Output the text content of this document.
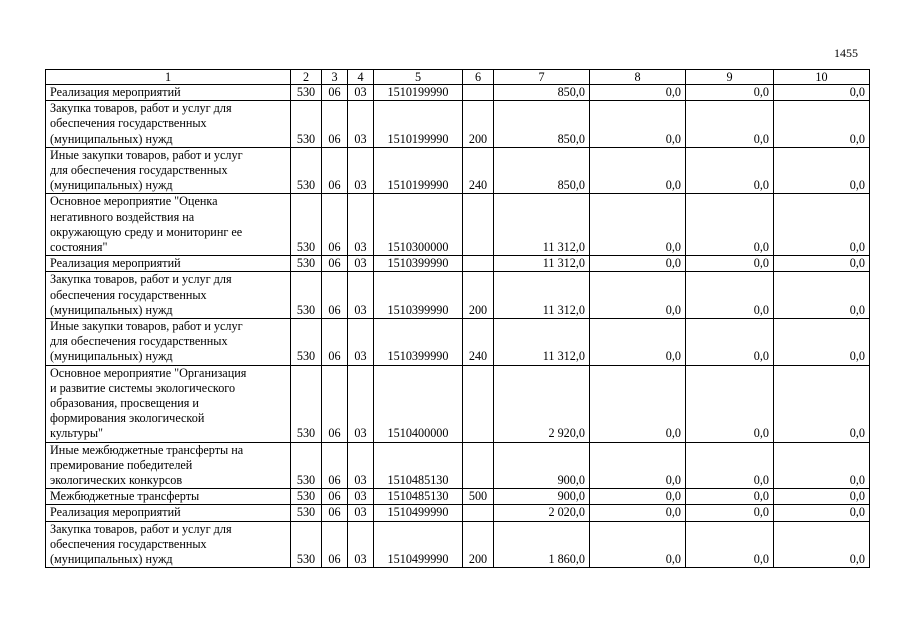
1455
1	2	3	4	5	6	7	8	9	10

Реализация мероприятий	530	06	03	1510199990		850,0	0,0	0,0	0,0

Закупка товаров, работ и услуг для
обеспечения государственных
(муниципальных) нужд	530	06	03	1510199990	200	850,0	0,0	0,0	0,0

Иные закупки товаров, работ и услуг
для обеспечения государственных
(муниципальных) нужд	530	06	03	1510199990	240	850,0	0,0	0,0	0,0

Основное мероприятие "Оценка
негативного воздействия на
окружающую среду и мониторинг ее
состояния"	530	06	03	1510300000		11 312,0	0,0	0,0	0,0

Реализация мероприятий	530	06	03	1510399990		11 312,0	0,0	0,0	0,0

Закупка товаров, работ и услуг для
обеспечения государственных
(муниципальных) нужд	530	06	03	1510399990	200	11 312,0	0,0	0,0	0,0

Иные закупки товаров, работ и услуг
для обеспечения государственных
(муниципальных) нужд	530	06	03	1510399990	240	11 312,0	0,0	0,0	0,0

Основное мероприятие "Организация
и развитие системы экологического
образования, просвещения и
формирования экологической
культуры"	530	06	03	1510400000		2 920,0	0,0	0,0	0,0

Иные межбюджетные трансферты на
премирование победителей
экологических конкурсов	530	06	03	1510485130		900,0	0,0	0,0	0,0

Межбюджетные трансферты	530	06	03	1510485130	500	900,0	0,0	0,0	0,0

Реализация мероприятий	530	06	03	1510499990		2 020,0	0,0	0,0	0,0

Закупка товаров, работ и услуг для
обеспечения государственных
(муниципальных) нужд	530	06	03	1510499990	200	1 860,0	0,0	0,0	0,0
